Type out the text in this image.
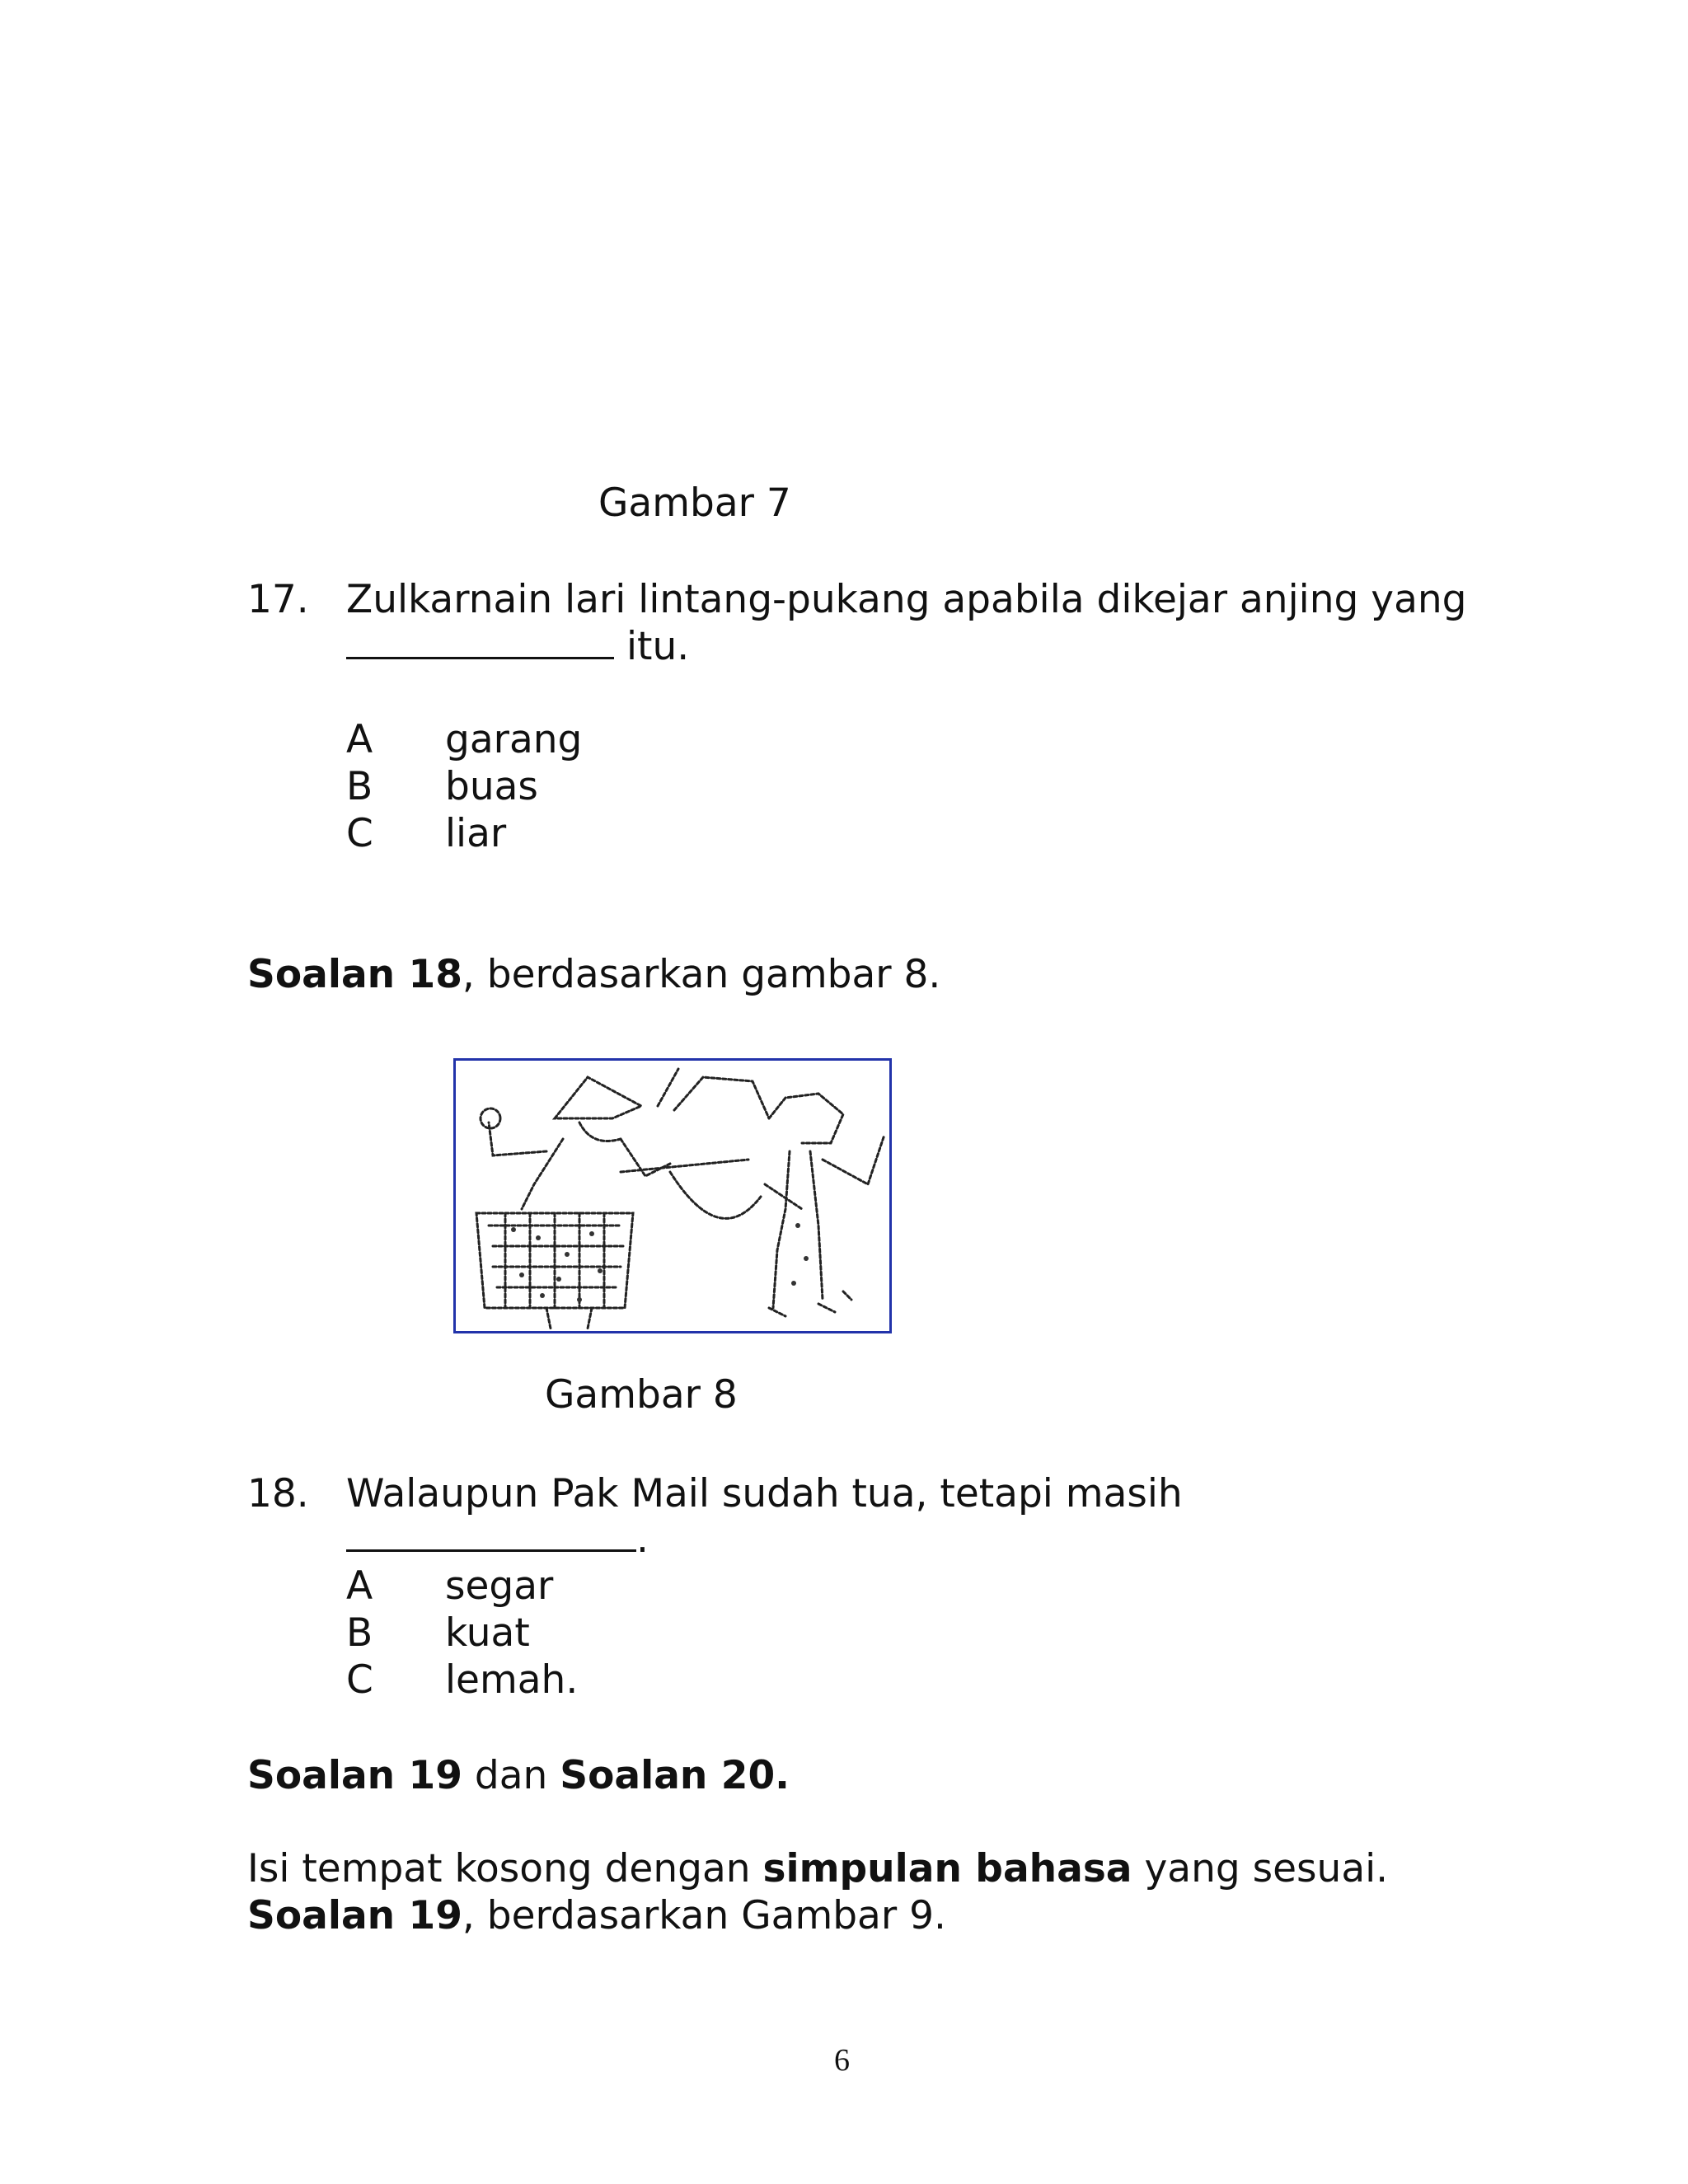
Gambar 7
17. Zulkarnain lari lintang-pukang apabila dikejar anjing yang
itu.
A garang
B buas
C liar
Soalan 18, berdasarkan gambar 8.
Gambar 8
18. Walaupun Pak Mail sudah tua, tetapi masih
.
A segar
B kuat
C lemah.
Soalan 19 dan Soalan 20.
Isi tempat kosong dengan simpulan bahasa yang sesuai.
Soalan 19, berdasarkan Gambar 9.
6
